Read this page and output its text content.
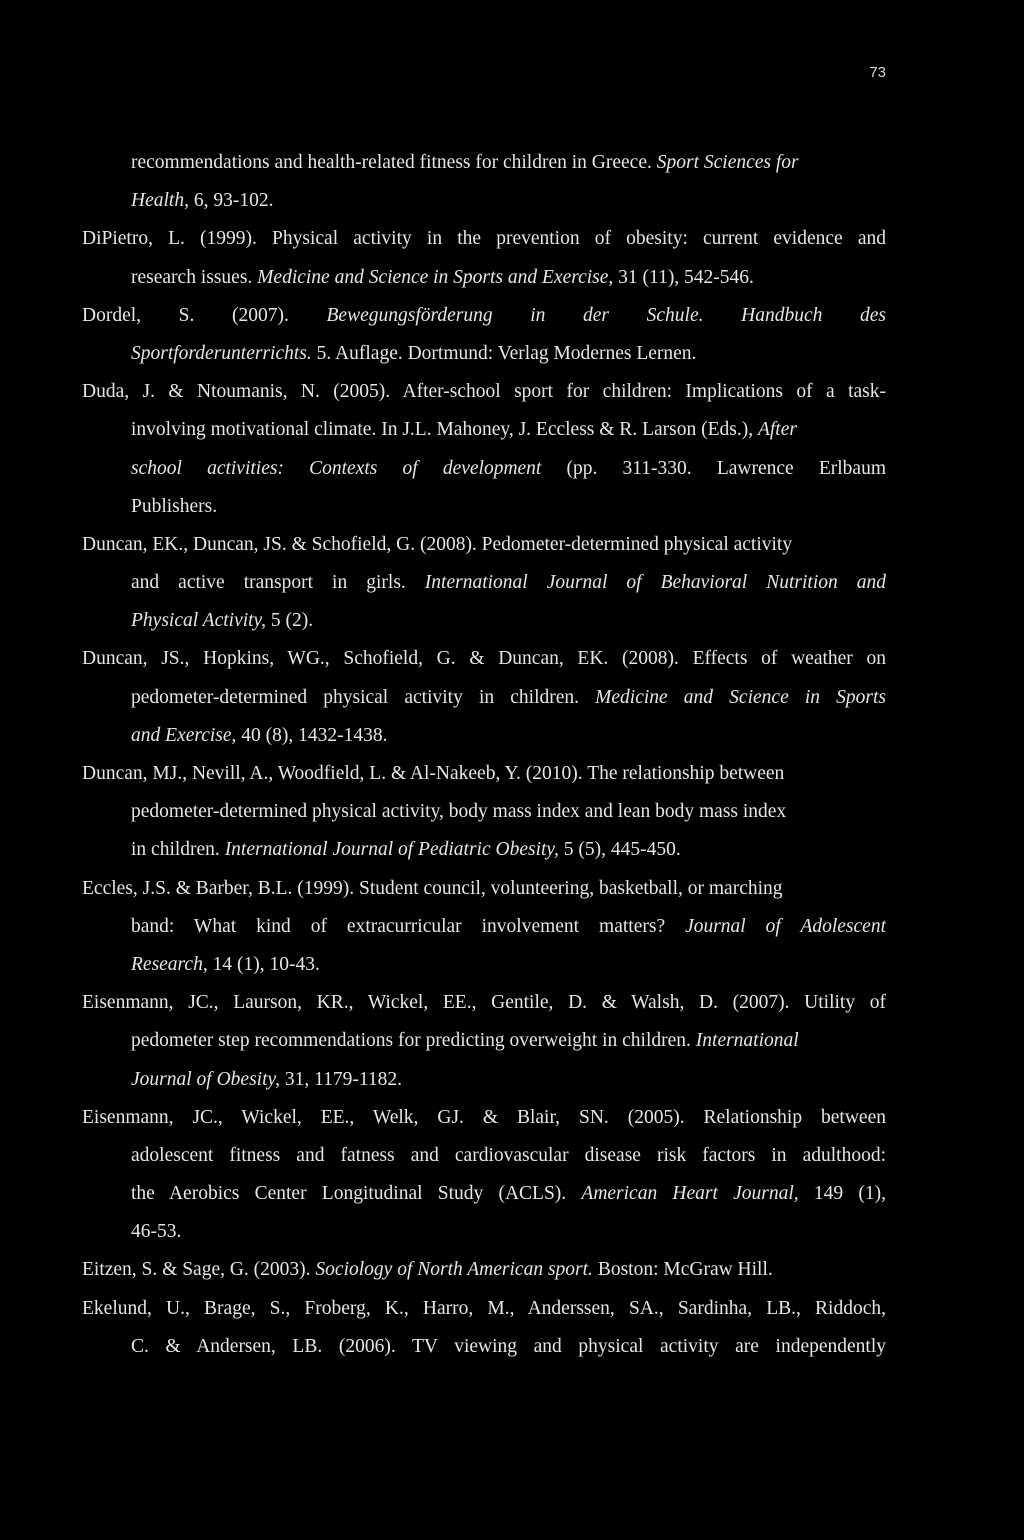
73
recommendations and health-related fitness for children in Greece. Sport Sciences for
Health, 6, 93-102.
DiPietro, L. (1999). Physical activity in the prevention of obesity: current evidence and
research issues. Medicine and Science in Sports and Exercise, 31 (11), 542-546.
Dordel, S. (2007). Bewegungsförderung in der Schule. Handbuch des
Sportforderunterrichts. 5. Auflage. Dortmund: Verlag Modernes Lernen.
Duda, J. & Ntoumanis, N. (2005). After-school sport for children: Implications of a task-
involving motivational climate. In J.L. Mahoney, J. Eccless & R. Larson (Eds.), After
school activities: Contexts of development (pp. 311-330. Lawrence Erlbaum
Publishers.
Duncan, EK., Duncan, JS. & Schofield, G. (2008). Pedometer-determined physical activity
and active transport in girls. International Journal of Behavioral Nutrition and
Physical Activity, 5 (2).
Duncan, JS., Hopkins, WG., Schofield, G. & Duncan, EK. (2008). Effects of weather on
pedometer-determined physical activity in children. Medicine and Science in Sports
and Exercise, 40 (8), 1432-1438.
Duncan, MJ., Nevill, A., Woodfield, L. & Al-Nakeeb, Y. (2010). The relationship between
pedometer-determined physical activity, body mass index and lean body mass index
in children. International Journal of Pediatric Obesity, 5 (5), 445-450.
Eccles, J.S. & Barber, B.L. (1999). Student council, volunteering, basketball, or marching
band: What kind of extracurricular involvement matters? Journal of Adolescent
Research, 14 (1), 10-43.
Eisenmann, JC., Laurson, KR., Wickel, EE., Gentile, D. & Walsh, D. (2007). Utility of
pedometer step recommendations for predicting overweight in children. International
Journal of Obesity, 31, 1179-1182.
Eisenmann, JC., Wickel, EE., Welk, GJ. & Blair, SN. (2005). Relationship between
adolescent fitness and fatness and cardiovascular disease risk factors in adulthood:
the Aerobics Center Longitudinal Study (ACLS). American Heart Journal, 149 (1),
46-53.
Eitzen, S. & Sage, G. (2003). Sociology of North American sport. Boston: McGraw Hill.
Ekelund, U., Brage, S., Froberg, K., Harro, M., Anderssen, SA., Sardinha, LB., Riddoch,
C. & Andersen, LB. (2006). TV viewing and physical activity are independently
